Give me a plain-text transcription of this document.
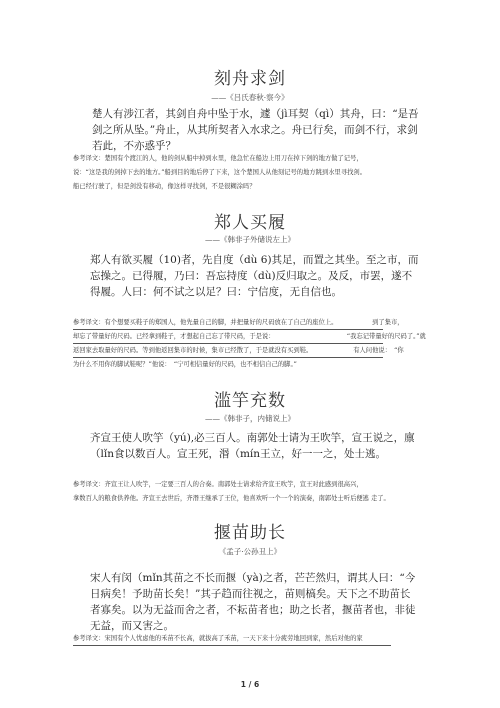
刻舟求剑
——《吕氏春秋·察今》
楚人有涉江者，其剑自舟中坠于水，遽（jì耳契（qì）其舟，曰：“是吾剑之所从坠。”舟止，从其所契者入水求之。舟已行矣，而剑不行，求剑若此，不亦惑乎？
参考译文：楚国有个渡江的人，他的剑从船中掉到水里，他急忙在船边上用刀在掉下剑的地方做了记号，
说：“这是我的剑掉下去的地方。”船到目的地后停了下来，这个楚国人从他刻记号的地方跳到水里寻找剑。
船已经行驶了，但是剑没有移动，像这样寻找剑，不是很糊涂吗？
郑人买履
——《韩非子外储说左上》
郑人有欲买履（10)者，先自度（dù 6)其足，而置之其坐。至之市，而忘操之。已得履，乃曰：吾忘持度（dù)反归取之。及反，市罢，遂不得履。人曰：何不试之以足？曰：宁信度，无自信也。
参考译文：有个想要买鞋子的郑国人，他先量自己的脚，并把量好的尺码放在了自己的座位上。　　　　　　到了集市，
却忘了带量好的尺码。已经拿到鞋子，才想起自己忘了带尺码，于是说：　　　　　　　　　　　　“我忘记带量好的尺码了。”就
返回家去取量好的尺码。等到他返回集市的时候，集市已经散了，于是就没有买到鞋。　　　　　　　有人问他说：　“你
为什么不用你的脚试鞋呢？”他说：　“宁可相信量好的尺码，也不相信自己的脚。”
滥竽充数
——《韩非子，内储说上》
齐宣王使人吹竽（yú),必三百人。南郭处士请为王吹竽，宣王说之，廪（lǐn食以数百人。宣王死，湣（mín王立，好一一之，处士逃。
参考译文：齐宣王让人吹竽，一定要三百人的合奏。南郭处士请求给齐宣王吹竽，宣王对此感到很高兴，
拿数百人的粮食供养他。齐宣王去世后，齐湣王继承了王位，他喜欢听一个一个的演奏，南郭处士听后便逃 走了。
揠苗助长
《孟子·公孙丑上》
宋人有闵（mǐn其苗之不长而揠（yà)之者，芒芒然归，谓其人曰：“今日病矣！予助苗长矣！”其子趋而往视之，苗则槁矣。天下之不助苗长者寡矣。以为无益而舍之者，不耘苗者也；助之长者，揠苗者也，非徒无益，而又害之。
参考译文：宋国有个人忧虑他的禾苗不长高，就拔高了禾苗，一天下来十分疲劳地回到家，然后对他的家
1 / 6
